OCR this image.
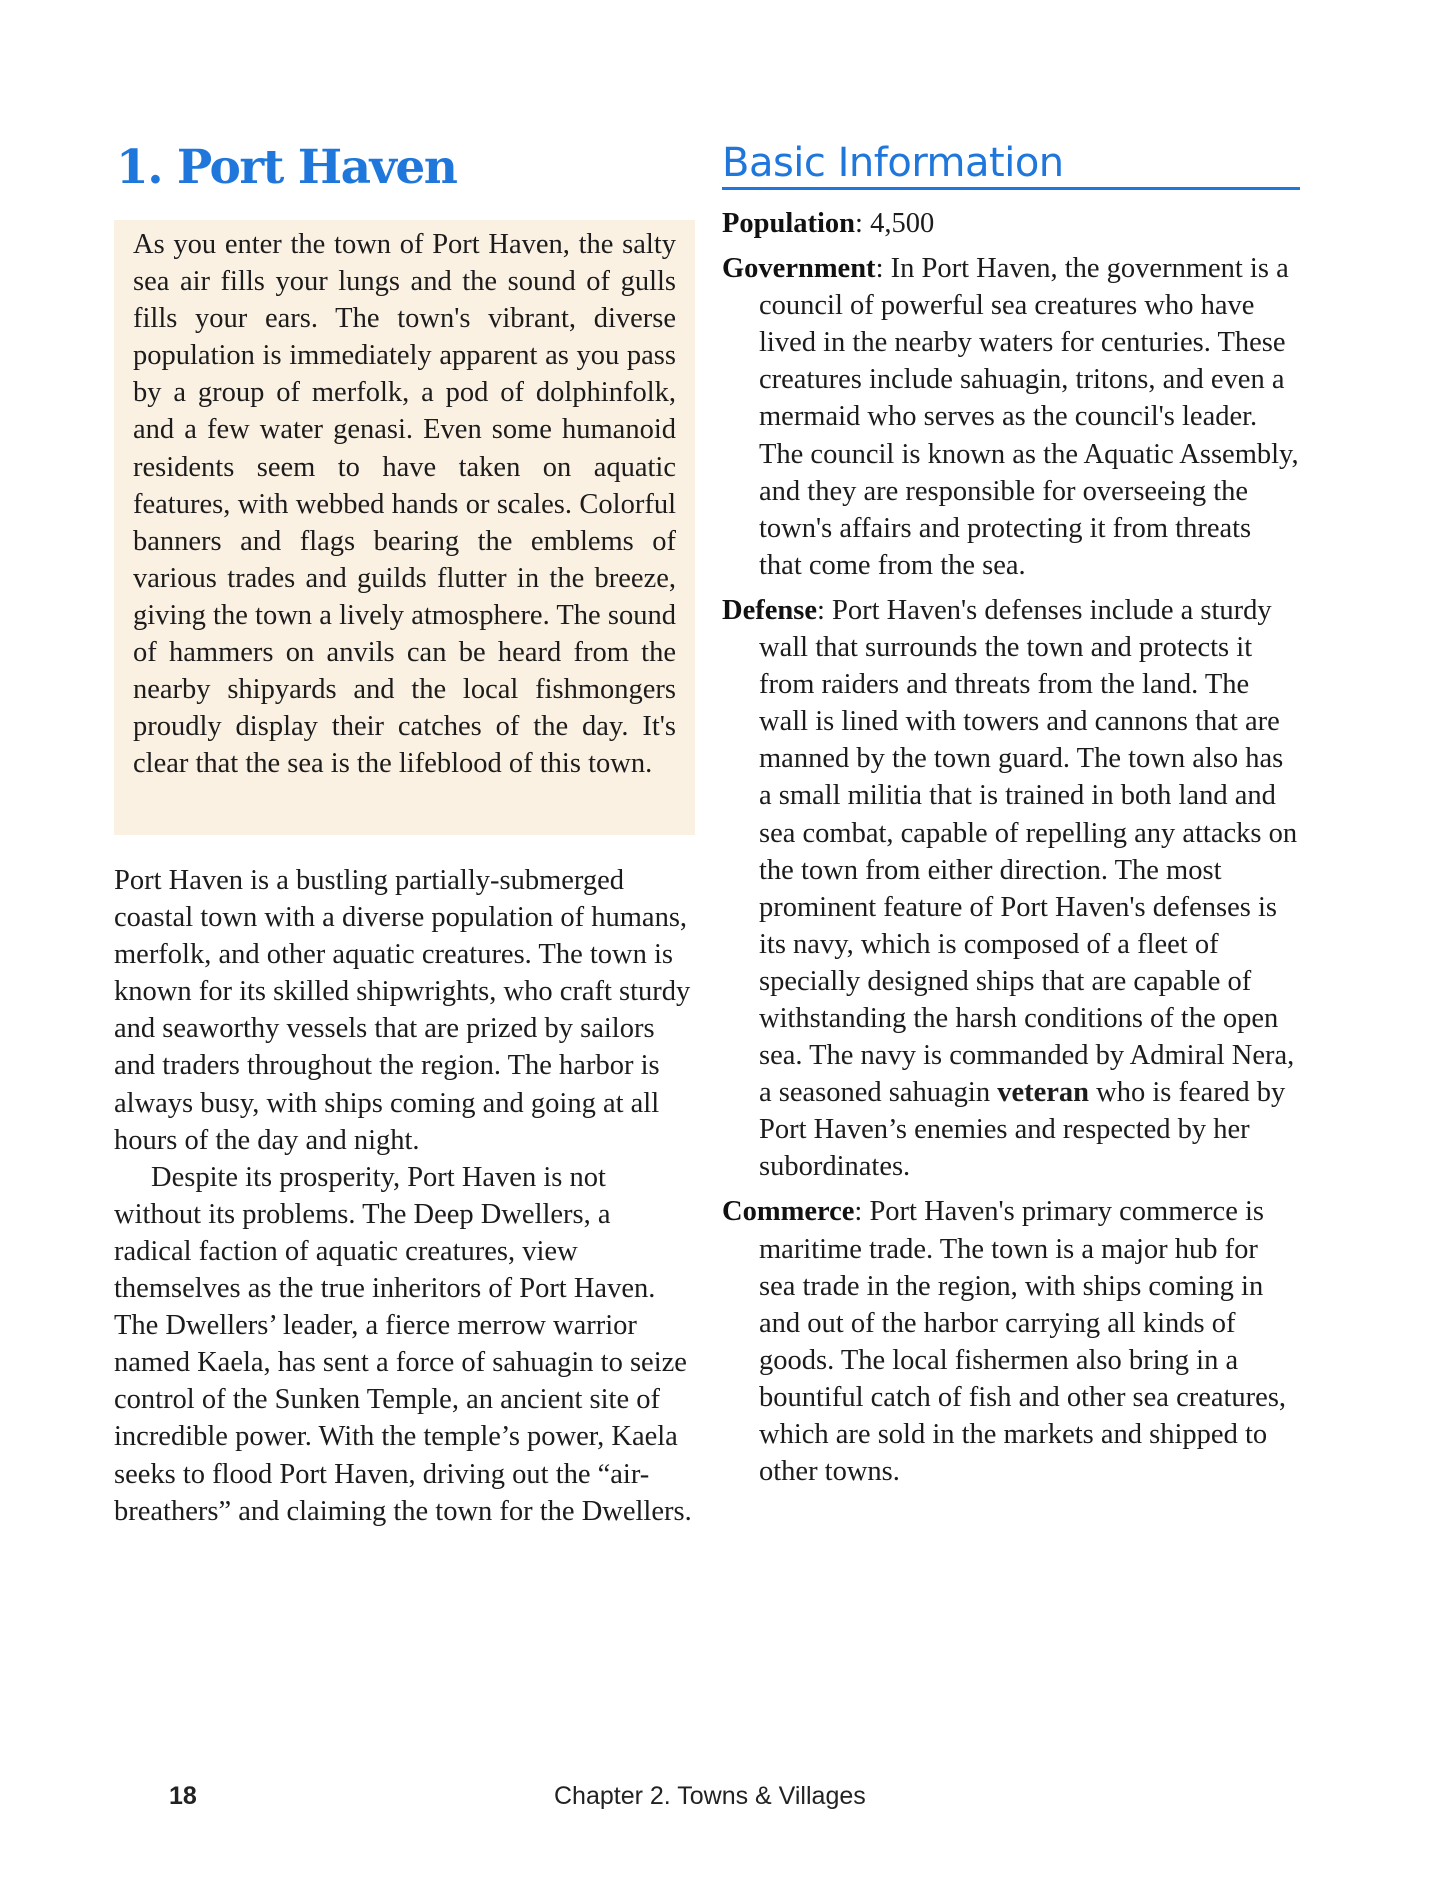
1. Port Haven

As you enter the town of Port Haven, the salty sea air fills your lungs and the sound of gulls fills your ears. The town's vibrant, diverse population is immediately apparent as you pass by a group of merfolk, a pod of dolphinfolk, and a few water genasi. Even some humanoid residents seem to have taken on aquatic features, with webbed hands or scales. Colorful banners and flags bearing the emblems of various trades and guilds flutter in the breeze, giving the town a lively atmosphere. The sound of hammers on anvils can be heard from the nearby shipyards and the local fishmongers proudly display their catches of the day. It's clear that the sea is the lifeblood of this town.

Port Haven is a bustling partially-submerged coastal town with a diverse population of humans, merfolk, and other aquatic creatures. The town is known for its skilled shipwrights, who craft sturdy and seaworthy vessels that are prized by sailors and traders throughout the region. The harbor is always busy, with ships coming and going at all hours of the day and night.

Despite its prosperity, Port Haven is not without its problems. The Deep Dwellers, a radical faction of aquatic creatures, view themselves as the true inheritors of Port Haven. The Dwellers’ leader, a fierce merrow warrior named Kaela, has sent a force of sahuagin to seize control of the Sunken Temple, an ancient site of incredible power. With the temple’s power, Kaela seeks to flood Port Haven, driving out the “air-breathers” and claiming the town for the Dwellers.

Basic Information

Population: 4,500

Government: In Port Haven, the government is a council of powerful sea creatures who have lived in the nearby waters for centuries. These creatures include sahuagin, tritons, and even a mermaid who serves as the council's leader. The council is known as the Aquatic Assembly, and they are responsible for overseeing the town's affairs and protecting it from threats that come from the sea.

Defense: Port Haven's defenses include a sturdy wall that surrounds the town and protects it from raiders and threats from the land. The wall is lined with towers and cannons that are manned by the town guard. The town also has a small militia that is trained in both land and sea combat, capable of repelling any attacks on the town from either direction. The most prominent feature of Port Haven's defenses is its navy, which is composed of a fleet of specially designed ships that are capable of withstanding the harsh conditions of the open sea. The navy is commanded by Admiral Nera, a seasoned sahuagin veteran who is feared by Port Haven’s enemies and respected by her subordinates.

Commerce: Port Haven's primary commerce is maritime trade. The town is a major hub for sea trade in the region, with ships coming in and out of the harbor carrying all kinds of goods. The local fishermen also bring in a bountiful catch of fish and other sea creatures, which are sold in the markets and shipped to other towns.

18	Chapter 2. Towns & Villages
